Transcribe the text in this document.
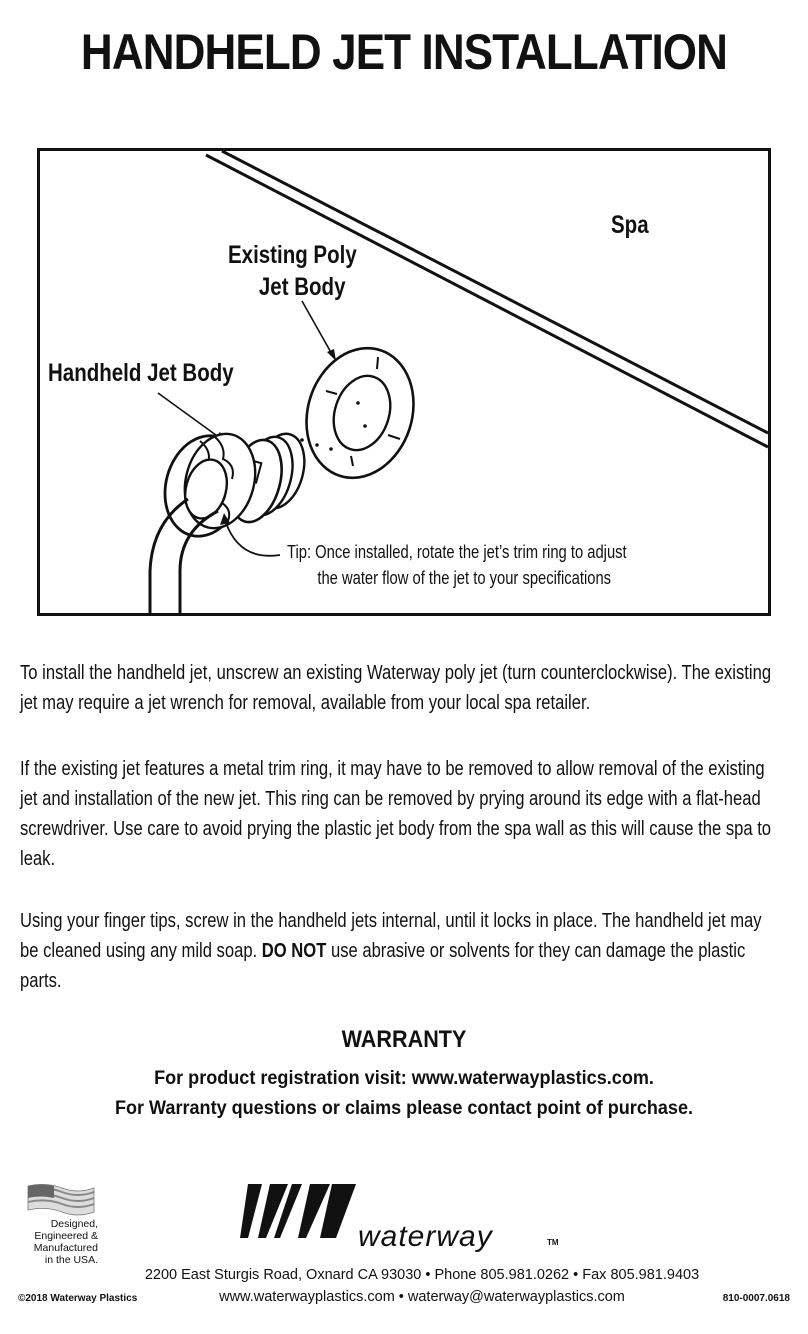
HANDHELD JET INSTALLATION
Spa
Existing Poly
Jet Body
Handheld Jet Body
Tip: Once installed, rotate the jet’s trim ring to adjust
the water flow of the jet to your specifications

To install the handheld jet, unscrew an existing Waterway poly jet (turn counterclockwise). The existing jet may require a jet wrench for removal, available from your local spa retailer.

If the existing jet features a metal trim ring, it may have to be removed to allow removal of the existing jet and installation of the new jet. This ring can be removed by prying around its edge with a flat-head screwdriver. Use care to avoid prying the plastic jet body from the spa wall as this will cause the spa to leak.

Using your finger tips, screw in the handheld jets internal, until it locks in place. The handheld jet may be cleaned using any mild soap. DO NOT use abrasive or solvents for they can damage the plastic parts.

WARRANTY

For product registration visit: www.waterwayplastics.com.

For Warranty questions or claims please contact point of purchase.

Designed,
Engineered &
Manufactured
in the USA.
waterway	TM
2200 East Sturgis Road, Oxnard CA 93030 • Phone 805.981.0262 • Fax 805.981.9403
www.waterwayplastics.com • waterway@waterwayplastics.com
©2018 Waterway Plastics	810-0007.0618
